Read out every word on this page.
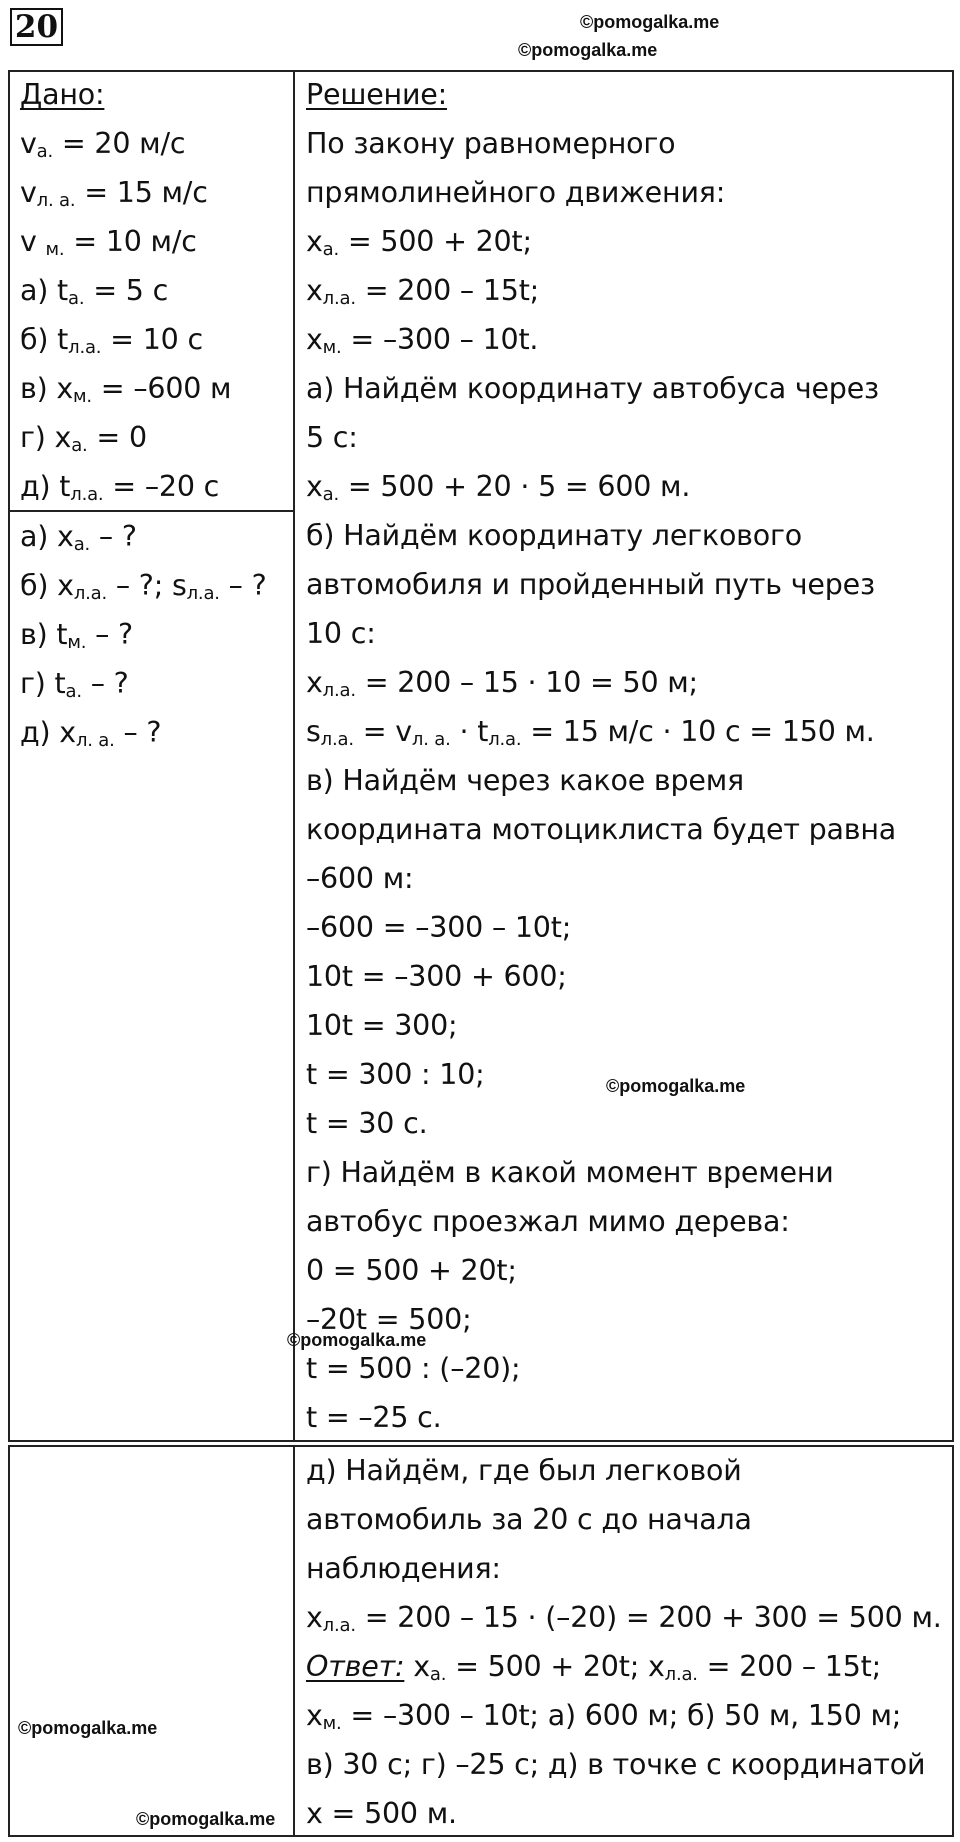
20	©pomogalka.me
©pomogalka.me
Дано:
$v_{а.} = 20$ м/с
$v_{л. а.} = 15$ м/с
v $_{м.}$ = 10 м/с
а) $t_{а.} = 5$ с
б) $t_{л.а.} = 10$ с
в) $x_{м.} = -600$ м
г) $x_{а.} = 0$
д) $t_{л.а.} = -20$ с
а) $x_{а.}$ – ?
б) $x_{л.а.}$ – ?; $s_{л.а.}$ – ?
в) $t_{м.}$ – ?
г) $t_{а.}$ – ?
д) $x_{л. а.}$ – ?
Решение:
По закону равномерного
прямолинейного движения:
$x_{а.} = 500 + 20t$;
$x_{л.а.} = 200 - 15t$;
$x_{м.} = -300 - 10t$.
а) Найдём координату автобуса через
5 с:
$x_{а.} = 500 + 20 \cdot 5 = 600$ м.
б) Найдём координату легкового
автомобиля и пройденный путь через
10 с:
$x_{л.а.} = 200 - 15 \cdot 10 = 50$ м;
$s_{л.а.} = v_{л. а.} \cdot t_{л.а.} = 15$ м/с · 10 с = 150 м.
в) Найдём через какое время
координата мотоциклиста будет равна
–600 м:
–600 = –300 – 10t;
10t = –300 + 600;
10t = 300;
t = 300 : 10;
t = 30 с.
г) Найдём в какой момент времени
автобус проезжал мимо дерева:
0 = 500 + 20t;
–20t = 500;
t = 500 : (–20);
t = –25 с.
©pomogalka.me
©pomogalka.me
д) Найдём, где был легковой
автомобиль за 20 с до начала
наблюдения:
$x_{л.а.} = 200 - 15 \cdot (-20) = 200 + 300 = 500$ м.
Ответ: $x_{а.} = 500 + 20t$; $x_{л.а.} = 200 - 15t$;
$x_{м.} = -300 - 10t$; а) 600 м; б) 50 м, 150 м;
в) 30 с; г) –25 с; д) в точке с координатой
x = 500 м.
©pomogalka.me
©pomogalka.me
